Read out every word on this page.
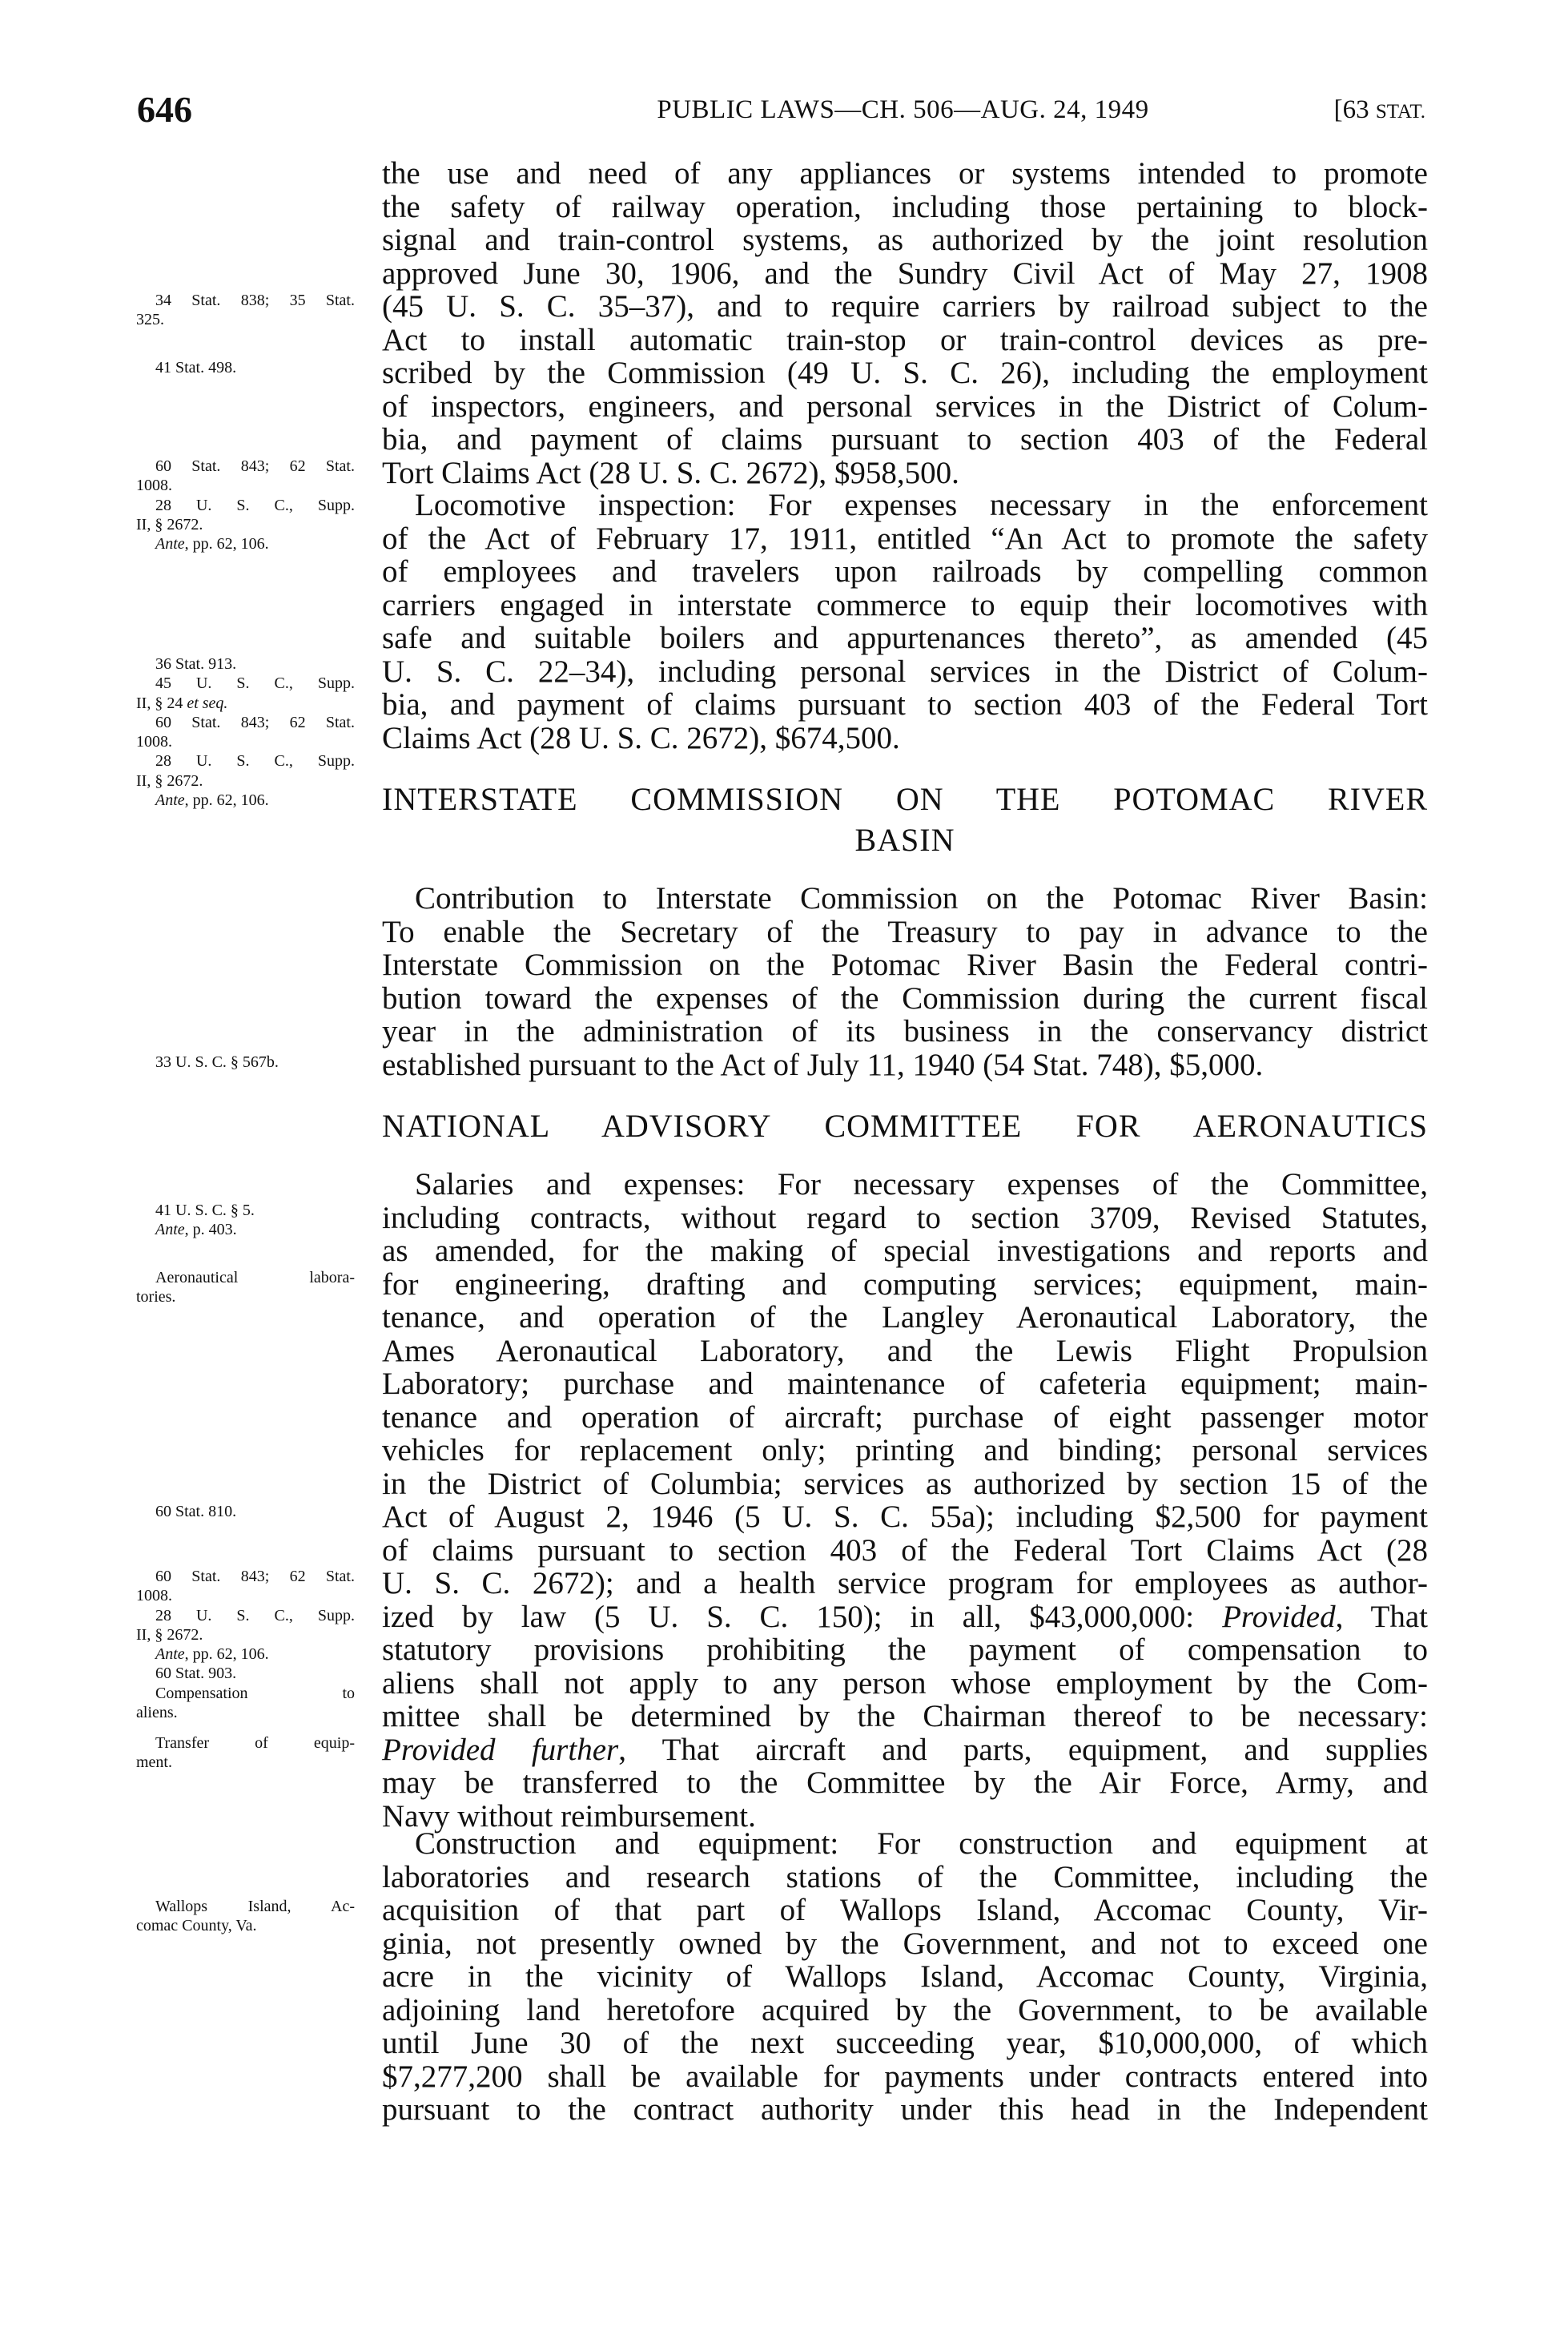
646	PUBLIC LAWS—CH. 506—AUG. 24, 1949	[63 STAT.
the use and need of any appliances or systems intended to promote
the safety of railway operation, including those pertaining to block-
signal and train-control systems, as authorized by the joint resolution
approved June 30, 1906, and the Sundry Civil Act of May 27, 1908
(45 U. S. C. 35–37), and to require carriers by railroad subject to the
Act to install automatic train-stop or train-control devices as pre-
scribed by the Commission (49 U. S. C. 26), including the employment
of inspectors, engineers, and personal services in the District of Colum-
bia, and payment of claims pursuant to section 403 of the Federal
Tort Claims Act (28 U. S. C. 2672), $958,500.
Locomotive inspection: For expenses necessary in the enforcement
of the Act of February 17, 1911, entitled “An Act to promote the safety
of employees and travelers upon railroads by compelling common
carriers engaged in interstate commerce to equip their locomotives with
safe and suitable boilers and appurtenances thereto”, as amended (45
U. S. C. 22–34), including personal services in the District of Colum-
bia, and payment of claims pursuant to section 403 of the Federal Tort
Claims Act (28 U. S. C. 2672), $674,500.
INTERSTATE COMMISSION ON THE POTOMAC RIVER
BASIN
Contribution to Interstate Commission on the Potomac River Basin:
To enable the Secretary of the Treasury to pay in advance to the
Interstate Commission on the Potomac River Basin the Federal contri-
bution toward the expenses of the Commission during the current fiscal
year in the administration of its business in the conservancy district
established pursuant to the Act of July 11, 1940 (54 Stat. 748), $5,000.
NATIONAL ADVISORY COMMITTEE FOR AERONAUTICS
Salaries and expenses: For necessary expenses of the Committee,
including contracts, without regard to section 3709, Revised Statutes,
as amended, for the making of special investigations and reports and
for engineering, drafting and computing services; equipment, main-
tenance, and operation of the Langley Aeronautical Laboratory, the
Ames Aeronautical Laboratory, and the Lewis Flight Propulsion
Laboratory; purchase and maintenance of cafeteria equipment; main-
tenance and operation of aircraft; purchase of eight passenger motor
vehicles for replacement only; printing and binding; personal services
in the District of Columbia; services as authorized by section 15 of the
Act of August 2, 1946 (5 U. S. C. 55a); including $2,500 for payment
of claims pursuant to section 403 of the Federal Tort Claims Act (28
U. S. C. 2672); and a health service program for employees as author-
ized by law (5 U. S. C. 150); in all, $43,000,000: Provided, That
statutory provisions prohibiting the payment of compensation to
aliens shall not apply to any person whose employment by the Com-
mittee shall be determined by the Chairman thereof to be necessary:
Provided further, That aircraft and parts, equipment, and supplies
may be transferred to the Committee by the Air Force, Army, and
Navy without reimbursement.
Construction and equipment: For construction and equipment at
laboratories and research stations of the Committee, including the
acquisition of that part of Wallops Island, Accomac County, Vir-
ginia, not presently owned by the Government, and not to exceed one
acre in the vicinity of Wallops Island, Accomac County, Virginia,
adjoining land heretofore acquired by the Government, to be available
until June 30 of the next succeeding year, $10,000,000, of which
$7,277,200 shall be available for payments under contracts entered into
pursuant to the contract authority under this head in the Independent
34 Stat. 838; 35 Stat.
325.
41 Stat. 498.
60 Stat. 843; 62 Stat.
1008.
28 U. S. C., Supp.
II, § 2672.
Ante, pp. 62, 106.
36 Stat. 913.
45 U. S. C., Supp.
II, § 24 et seq.
60 Stat. 843; 62 Stat.
1008.
28 U. S. C., Supp.
II, § 2672.
Ante, pp. 62, 106.
33 U. S. C. § 567b.
41 U. S. C. § 5.
Ante, p. 403.
Aeronautical labora-
tories.
60 Stat. 810.
60 Stat. 843; 62 Stat.
1008.
28 U. S. C., Supp.
II, § 2672.
Ante, pp. 62, 106.
60 Stat. 903.
Compensation to
aliens.
Transfer of equip-
ment.
Wallops Island, Ac-
comac County, Va.
